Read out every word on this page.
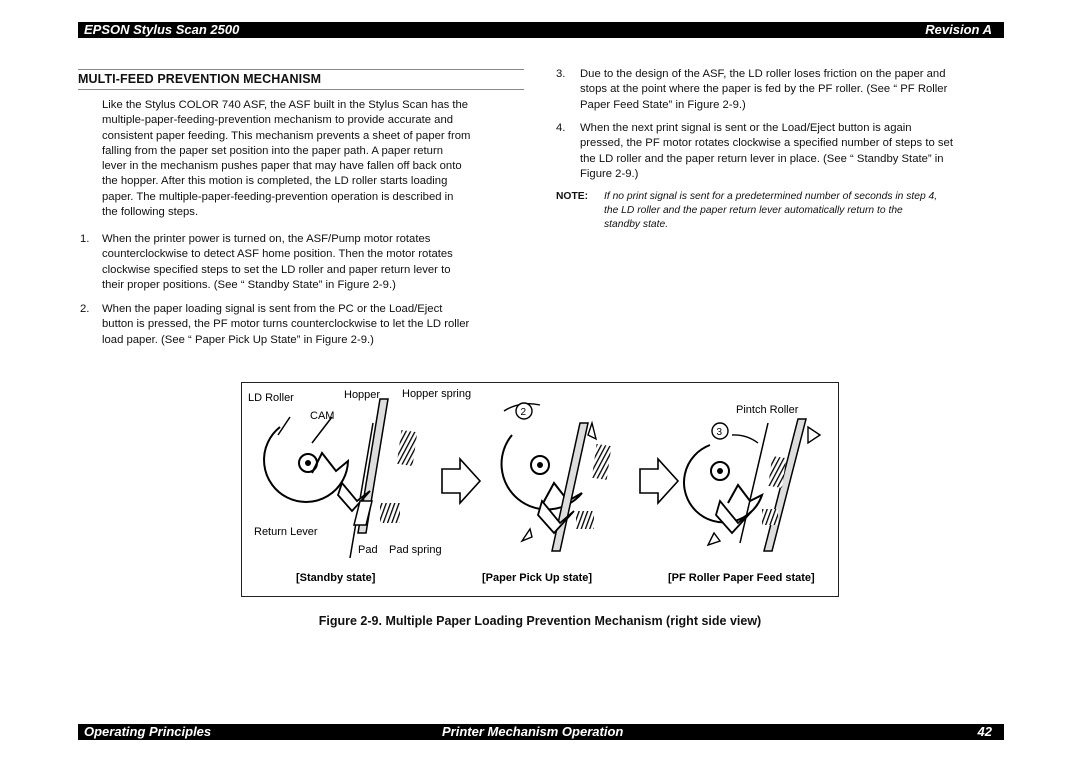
EPSON Stylus Scan 2500	Revision A
MULTI-FEED PREVENTION MECHANISM
Like the Stylus COLOR 740 ASF, the ASF built in the Stylus Scan has the
multiple-paper-feeding-prevention mechanism to provide accurate and
consistent paper feeding. This mechanism prevents a sheet of paper from
falling from the paper set position into the paper path. A paper return
lever in the mechanism pushes paper that may have fallen off back onto
the hopper. After this motion is completed, the LD roller starts loading
paper. The multiple-paper-feeding-prevention operation is described in
the following steps.
1. When the printer power is turned on, the ASF/Pump motor rotates
counterclockwise to detect ASF home position. Then the motor rotates
clockwise specified steps to set the LD roller and paper return lever to
their proper positions. (See “ Standby State” in Figure 2-9.)
2. When the paper loading signal is sent from the PC or the Load/Eject
button is pressed, the PF motor turns counterclockwise to let the LD roller
load paper. (See “ Paper Pick Up State” in Figure 2-9.)
3. Due to the design of the ASF, the LD roller loses friction on the paper and
stops at the point where the paper is fed by the PF roller. (See “ PF Roller
Paper Feed State” in Figure 2-9.)
4. When the next print signal is sent or the Load/Eject button is again
pressed, the PF motor rotates clockwise a specified number of steps to set
the LD roller and the paper return lever in place. (See “ Standby State” in
Figure 2-9.)
NOTE: If no print signal is sent for a predetermined number of seconds in step 4,
the LD roller and the paper return lever automatically return to the
standby state.
LD Roller	Hopper Hopper spring
CAM
Return Lever
Pad Pad spring
[Standby state]
2
[Paper Pick Up state]
3
Pintch Roller
[PF Roller Paper Feed state]
Figure 2-9. Multiple Paper Loading Prevention Mechanism (right side view)
Operating Principles	Printer Mechanism Operation	42
